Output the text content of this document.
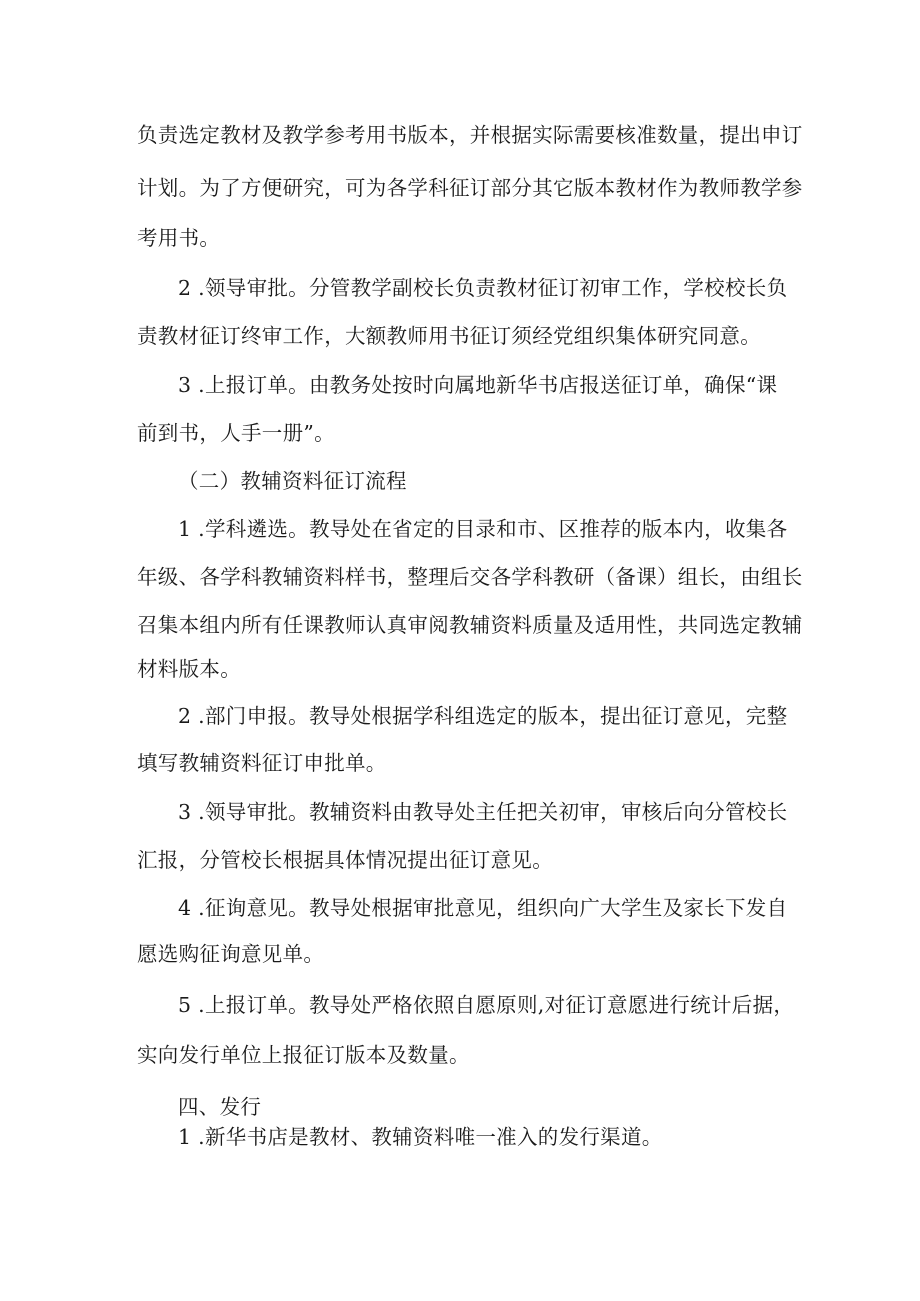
负责选定教材及教学参考用书版本，并根据实际需要核准数量，提出申订
计划。为了方便研究，可为各学科征订部分其它版本教材作为教师教学参
考用书。
2 .领导审批。分管教学副校长负责教材征订初审工作，学校校长负
责教材征订终审工作，大额教师用书征订须经党组织集体研究同意。
3 .上报订单。由教务处按时向属地新华书店报送征订单，确保“课
前到书，人手一册”。
（二）教辅资料征订流程
1 .学科遴选。教导处在省定的目录和市、区推荐的版本内，收集各
年级、各学科教辅资料样书，整理后交各学科教研（备课）组长，由组长
召集本组内所有任课教师认真审阅教辅资料质量及适用性，共同选定教辅
材料版本。
2 .部门申报。教导处根据学科组选定的版本，提出征订意见，完整
填写教辅资料征订申批单。
3 .领导审批。教辅资料由教导处主任把关初审，审核后向分管校长
汇报，分管校长根据具体情况提出征订意见。
4 .征询意见。教导处根据审批意见，组织向广大学生及家长下发自
愿选购征询意见单。
5 .上报订单。教导处严格依照自愿原则,对征订意愿进行统计后据，
实向发行单位上报征订版本及数量。
四、发行
1 .新华书店是教材、教辅资料唯一准入的发行渠道。
